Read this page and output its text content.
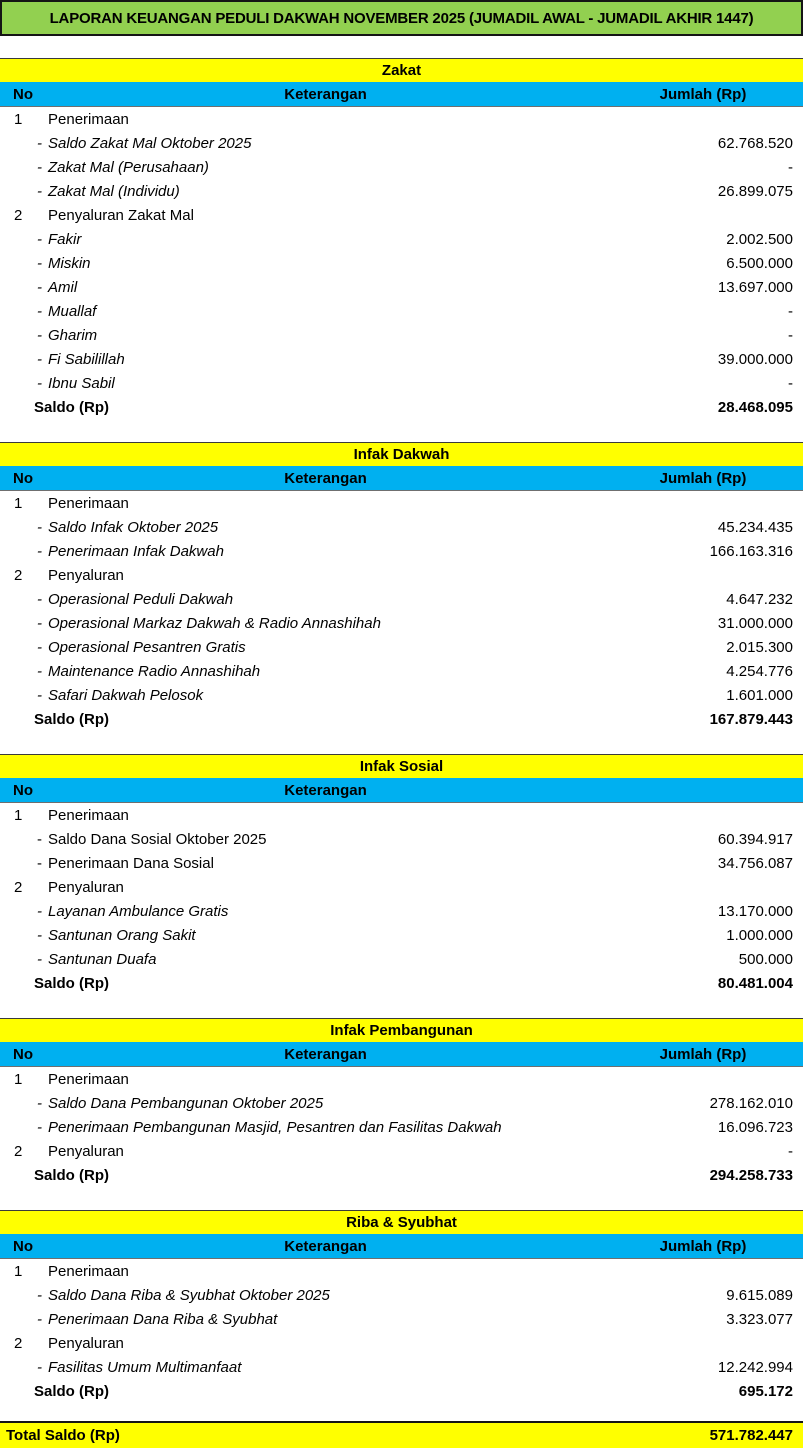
LAPORAN KEUANGAN PEDULI DAKWAH NOVEMBER 2025 (JUMADIL AWAL - JUMADIL AKHIR 1447)
Zakat
No	Keterangan	Jumlah (Rp)
1	Penerimaan
- Saldo Zakat Mal Oktober 2025	62.768.520
- Zakat Mal (Perusahaan)	-
- Zakat Mal (Individu)	26.899.075
2	Penyaluran Zakat Mal
- Fakir	2.002.500
- Miskin	6.500.000
- Amil	13.697.000
- Muallaf	-
- Gharim	-
- Fi Sabilillah	39.000.000
- Ibnu Sabil	-
Saldo (Rp)	28.468.095
Infak Dakwah
No	Keterangan	Jumlah (Rp)
1	Penerimaan
- Saldo Infak Oktober 2025	45.234.435
- Penerimaan Infak Dakwah	166.163.316
2	Penyaluran
- Operasional Peduli Dakwah	4.647.232
- Operasional Markaz Dakwah & Radio Annashihah	31.000.000
- Operasional Pesantren Gratis	2.015.300
- Maintenance Radio Annashihah	4.254.776
- Safari Dakwah Pelosok	1.601.000
Saldo (Rp)	167.879.443
Infak Sosial
No	Keterangan
1	Penerimaan
- Saldo Dana Sosial Oktober 2025	60.394.917
- Penerimaan Dana Sosial	34.756.087
2	Penyaluran
- Layanan Ambulance Gratis	13.170.000
- Santunan Orang Sakit	1.000.000
- Santunan Duafa	500.000
Saldo (Rp)	80.481.004
Infak Pembangunan
No	Keterangan	Jumlah (Rp)
1	Penerimaan
- Saldo Dana Pembangunan Oktober 2025	278.162.010
- Penerimaan Pembangunan Masjid, Pesantren dan Fasilitas Dakwah	16.096.723
2	Penyaluran	-
Saldo (Rp)	294.258.733
Riba & Syubhat
No	Keterangan	Jumlah (Rp)
1	Penerimaan
- Saldo Dana Riba & Syubhat Oktober 2025	9.615.089
- Penerimaan Dana Riba & Syubhat	3.323.077
2	Penyaluran
- Fasilitas Umum Multimanfaat	12.242.994
Saldo (Rp)	695.172
Total Saldo (Rp)	571.782.447
